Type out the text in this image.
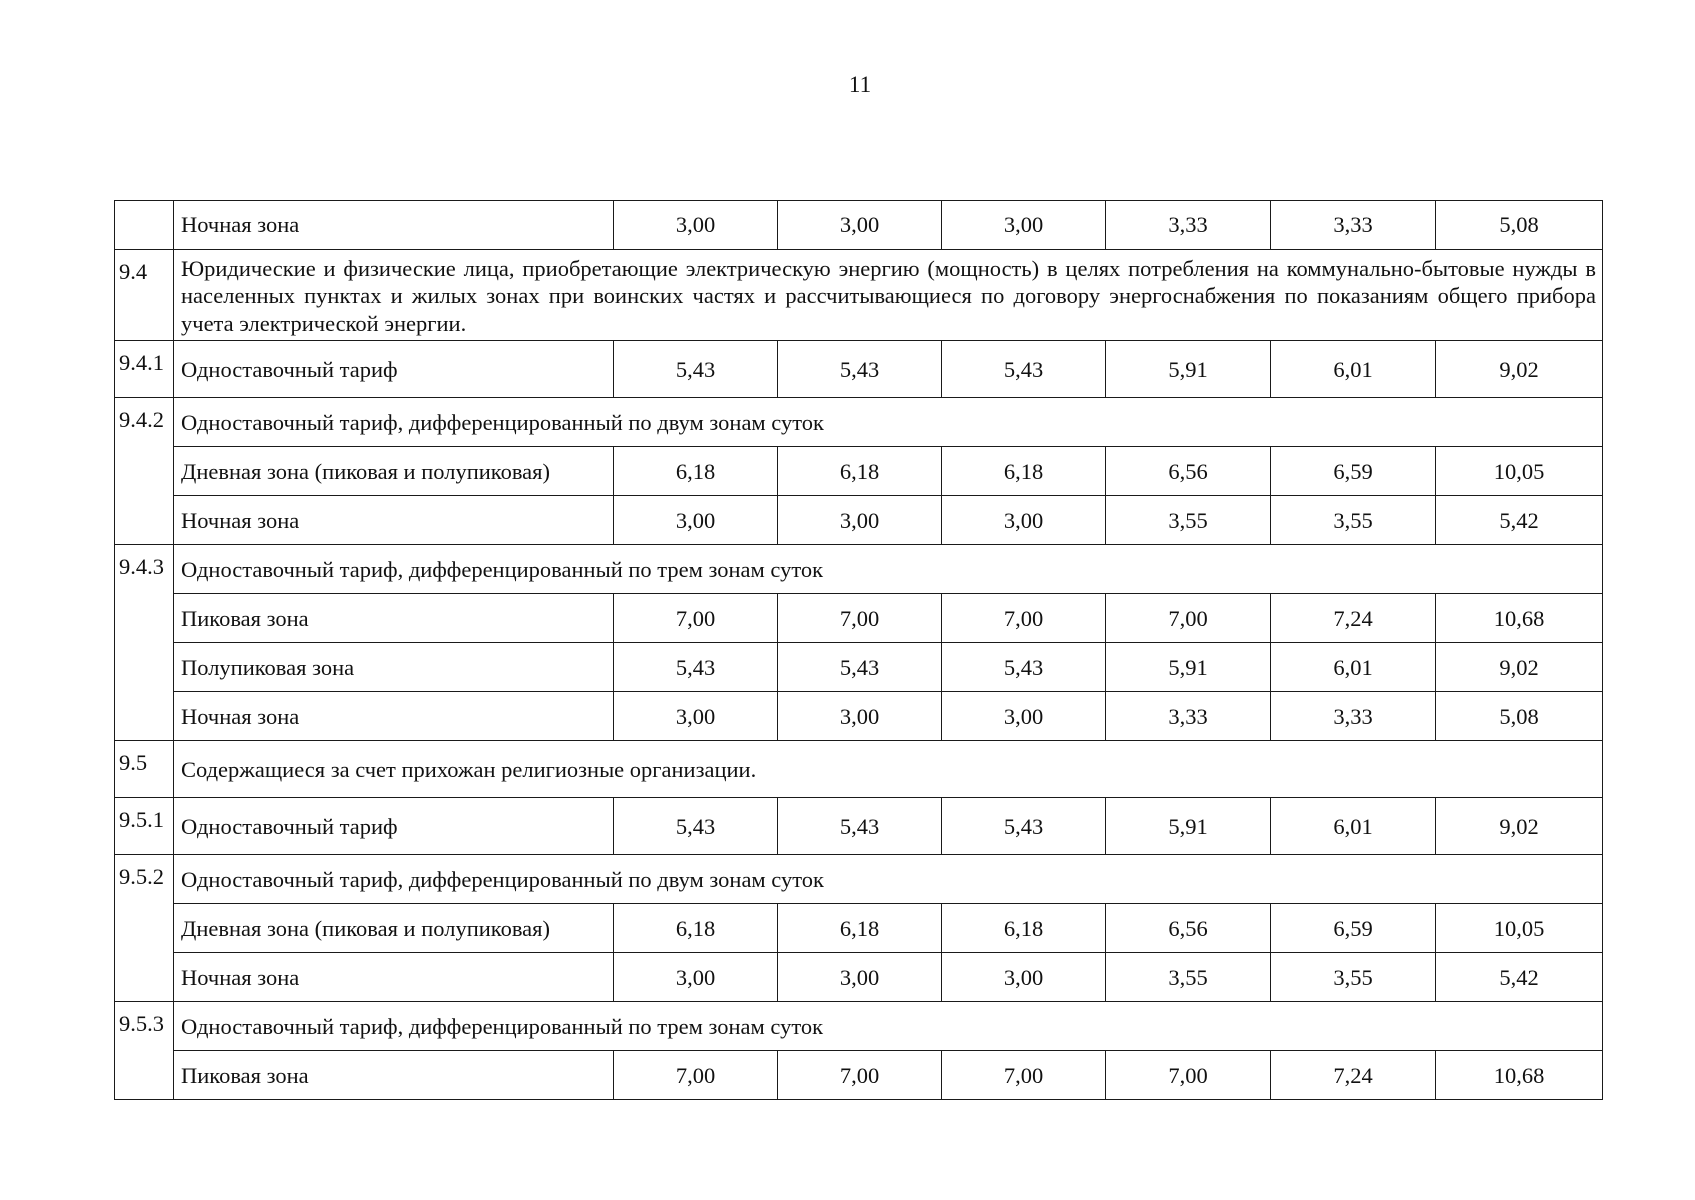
11
	Ночная зона	3,00	3,00	3,00	3,33	3,33	5,08
9.4	Юридические и физические лица, приобретающие электрическую энергию (мощность) в целях потребления на коммунально-бытовые нужды в населенных пунктах и жилых зонах при воинских частях и рассчитывающиеся по договору энергоснабжения по показаниям общего прибора учета электрической энергии.						
9.4.1	Одноставочный тариф	5,43	5,43	5,43	5,91	6,01	9,02
9.4.2	Одноставочный тариф, дифференцированный по двум зонам суток						
	Дневная зона (пиковая и полупиковая)	6,18	6,18	6,18	6,56	6,59	10,05
	Ночная зона	3,00	3,00	3,00	3,55	3,55	5,42
9.4.3	Одноставочный тариф, дифференцированный по трем зонам суток						
	Пиковая зона	7,00	7,00	7,00	7,00	7,24	10,68
	Полупиковая зона	5,43	5,43	5,43	5,91	6,01	9,02
	Ночная зона	3,00	3,00	3,00	3,33	3,33	5,08
9.5	Содержащиеся за счет прихожан религиозные организации.						
9.5.1	Одноставочный тариф	5,43	5,43	5,43	5,91	6,01	9,02
9.5.2	Одноставочный тариф, дифференцированный по двум зонам суток						
	Дневная зона (пиковая и полупиковая)	6,18	6,18	6,18	6,56	6,59	10,05
	Ночная зона	3,00	3,00	3,00	3,55	3,55	5,42
9.5.3	Одноставочный тариф, дифференцированный по трем зонам суток						
	Пиковая зона	7,00	7,00	7,00	7,00	7,24	10,68
